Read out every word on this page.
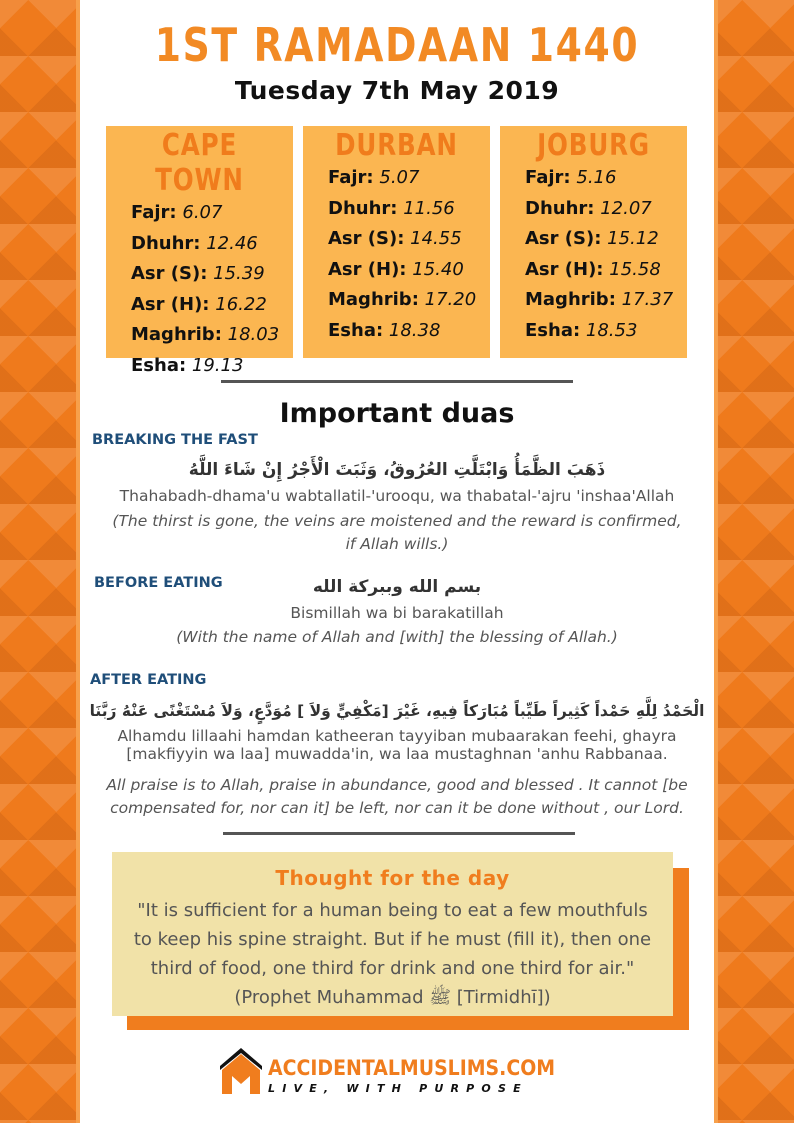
1ST RAMADAAN 1440
Tuesday 7th May 2019
CAPE TOWN
Fajr: 6.07
Dhuhr: 12.46
Asr (S): 15.39
Asr (H): 16.22
Maghrib: 18.03
Esha: 19.13
DURBAN
Fajr: 5.07
Dhuhr: 11.56
Asr (S): 14.55
Asr (H): 15.40
Maghrib: 17.20
Esha: 18.38
JOBURG
Fajr: 5.16
Dhuhr: 12.07
Asr (S): 15.12
Asr (H): 15.58
Maghrib: 17.37
Esha: 18.53
Important duas
BREAKING THE FAST
ذَهَبَ الظَّمَأُ وَابْتَلَّتِ العُرُوقُ، وَثَبَتَ الْأَجْرُ إِنْ شَاءَ اللَّهُ
Thahabadh-dhama'u wabtallatil-'urooqu, wa thabatal-'ajru 'inshaa'Allah
(The thirst is gone, the veins are moistened and the reward is confirmed,
if Allah wills.)
BEFORE EATING	بسم الله وببركة الله
Bismillah wa bi barakatillah
(With the name of Allah and [with] the blessing of Allah.)
AFTER EATING
الْحَمْدُ لِلَّهِ حَمْداً كَثِيراً طَيِّباً مُبَارَكاً فِيهِ، غَيْرَ [مَكْفِيٍّ وَلاَ ] مُوَدَّعٍ، وَلاَ مُسْتَغْنًى عَنْهُ رَبَّنَا
Alhamdu lillaahi hamdan katheeran tayyiban mubaarakan feehi, ghayra
[makfiyyin wa laa] muwadda'in, wa laa mustaghnan 'anhu Rabbanaa.
All praise is to Allah, praise in abundance, good and blessed . It cannot [be
compensated for, nor can it] be left, nor can it be done without , our Lord.
Thought for the day
"It is sufficient for a human being to eat a few mouthfuls
to keep his spine straight. But if he must (fill it), then one
third of food, one third for drink and one third for air."
(Prophet Muhammad ﷺ [Tirmidhī])
ACCIDENTALMUSLIMS.COM
LIVE, WITH PURPOSE
